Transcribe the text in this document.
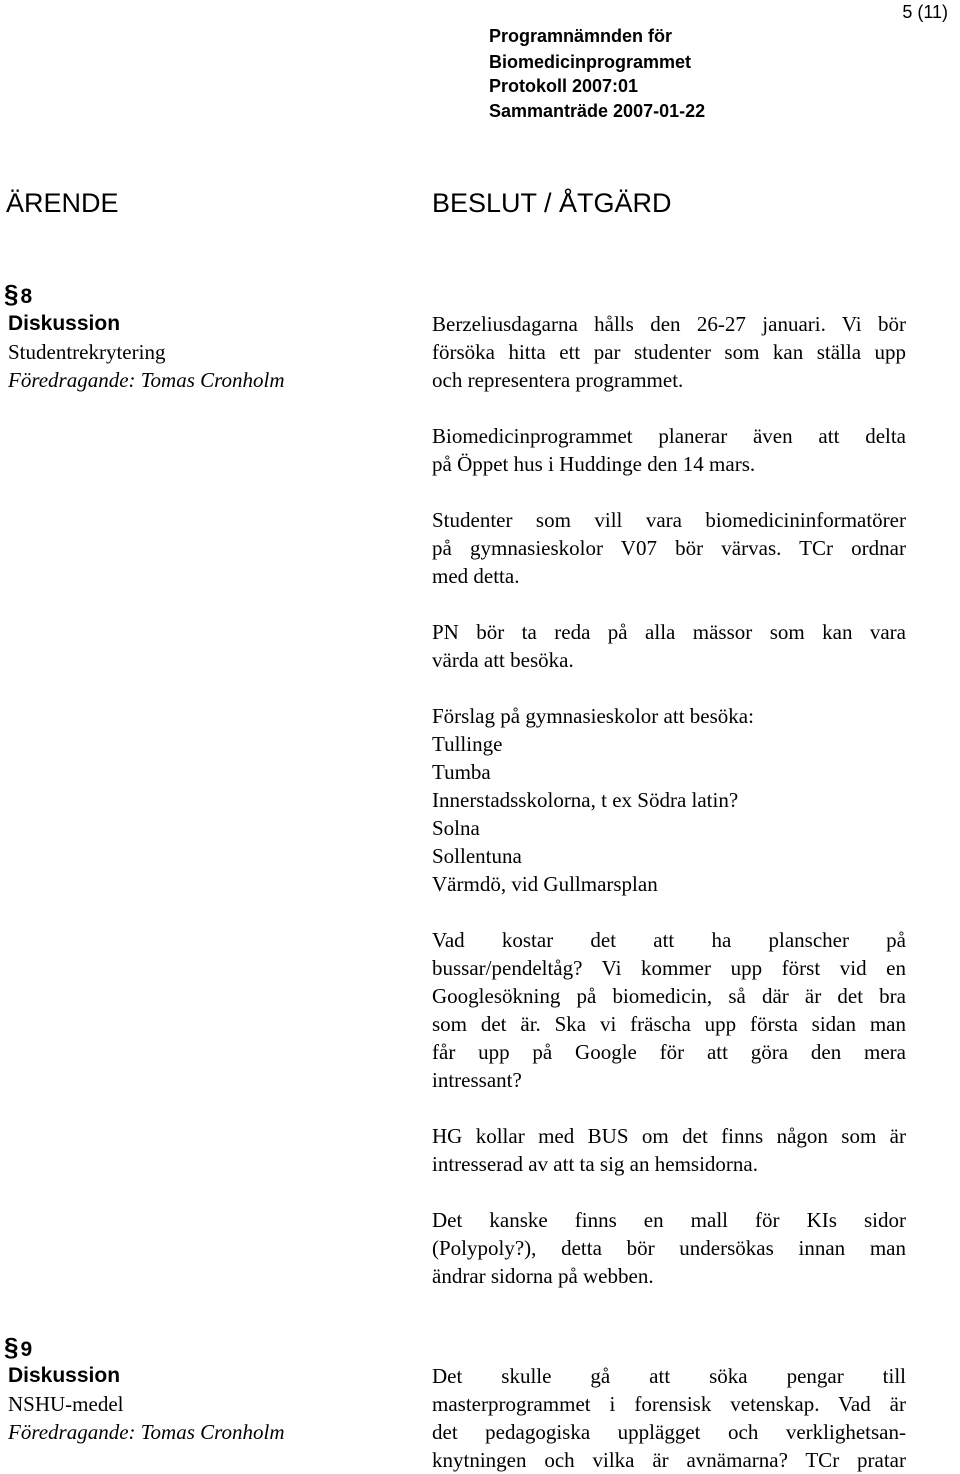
5 (11)
Programnämnden för
Biomedicinprogrammet
Protokoll 2007:01
Sammanträde 2007-01-22
ÄRENDE	BESLUT / ÅTGÄRD
§8
Diskussion
Studentrekrytering
Föredragande: Tomas Cronholm

Berzeliusdagarna hålls den 26-27 januari. Vi bör
försöka hitta ett par studenter som kan ställa upp
och representera programmet.

Biomedicinprogrammet planerar även att delta
på Öppet hus i Huddinge den 14 mars.

Studenter som vill vara biomedicininformatörer
på gymnasieskolor V07 bör värvas. TCr ordnar
med detta.

PN bör ta reda på alla mässor som kan vara
värda att besöka.

Förslag på gymnasieskolor att besöka:
Tullinge
Tumba
Innerstadsskolorna, t ex Södra latin?
Solna
Sollentuna
Värmdö, vid Gullmarsplan

Vad kostar det att ha planscher på
bussar/pendeltåg? Vi kommer upp först vid en
Googlesökning på biomedicin, så där är det bra
som det är. Ska vi fräscha upp första sidan man
får upp på Google för att göra den mera
intressant?

HG kollar med BUS om det finns någon som är
intresserad av att ta sig an hemsidorna.

Det kanske finns en mall för KIs sidor
(Polypoly?), detta bör undersökas innan man
ändrar sidorna på webben.

§9
Diskussion
NSHU-medel
Föredragande: Tomas Cronholm

Det skulle gå att söka pengar till
masterprogrammet i forensisk vetenskap. Vad är
det pedagogiska upplägget och verklighetsan-
knytningen och vilka är avnämarna? TCr pratar
